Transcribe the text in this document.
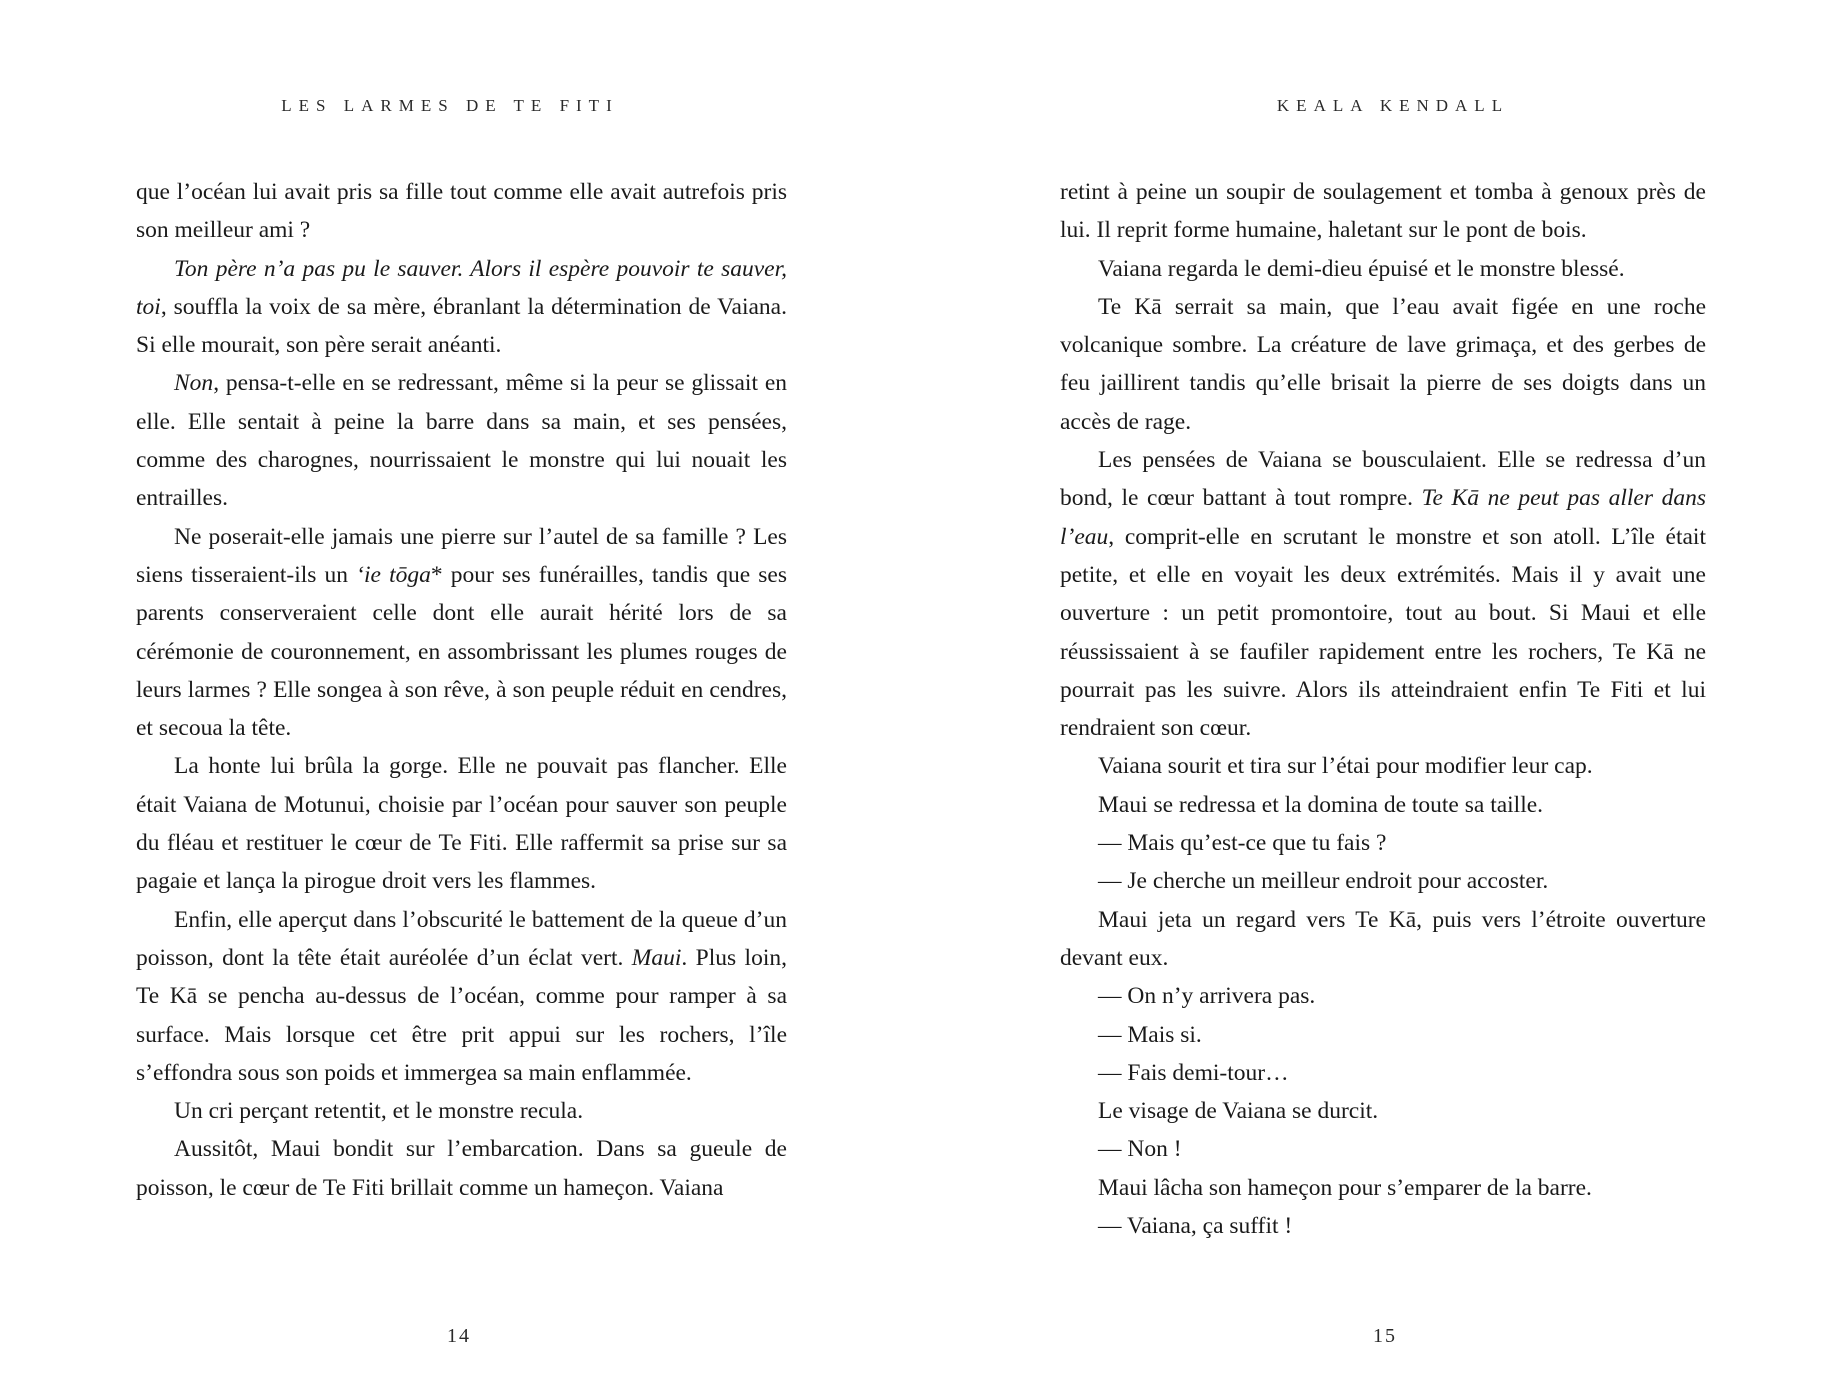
LES LARMES DE TE FITI

que l’océan lui avait pris sa fille tout comme elle avait autrefois pris son meilleur ami ?

Ton père n’a pas pu le sauver. Alors il espère pouvoir te sauver, toi, souffla la voix de sa mère, ébranlant la détermination de Vaiana. Si elle mourait, son père serait anéanti.

Non, pensa-t-elle en se redressant, même si la peur se glissait en elle. Elle sentait à peine la barre dans sa main, et ses pensées, comme des charognes, nourrissaient le monstre qui lui nouait les entrailles.

Ne poserait-elle jamais une pierre sur l’autel de sa famille ? Les siens tisseraient-ils un ‘ie tōga* pour ses funérailles, tandis que ses parents conserveraient celle dont elle aurait hérité lors de sa cérémonie de couronnement, en assombrissant les plumes rouges de leurs larmes ? Elle songea à son rêve, à son peuple réduit en cendres, et secoua la tête.

La honte lui brûla la gorge. Elle ne pouvait pas flancher. Elle était Vaiana de Motunui, choisie par l’océan pour sauver son peuple du fléau et restituer le cœur de Te Fiti. Elle raffermit sa prise sur sa pagaie et lança la pirogue droit vers les flammes.

Enfin, elle aperçut dans l’obscurité le battement de la queue d’un poisson, dont la tête était auréolée d’un éclat vert. Maui. Plus loin, Te Kā se pencha au-dessus de l’océan, comme pour ramper à sa surface. Mais lorsque cet être prit appui sur les rochers, l’île s’effondra sous son poids et immergea sa main enflammée.

Un cri perçant retentit, et le monstre recula.

Aussitôt, Maui bondit sur l’embarcation. Dans sa gueule de poisson, le cœur de Te Fiti brillait comme un hameçon. Vaiana

14
KEALA KENDALL

retint à peine un soupir de soulagement et tomba à genoux près de lui. Il reprit forme humaine, haletant sur le pont de bois.

Vaiana regarda le demi-dieu épuisé et le monstre blessé.

Te Kā serrait sa main, que l’eau avait figée en une roche volcanique sombre. La créature de lave grimaça, et des gerbes de feu jaillirent tandis qu’elle brisait la pierre de ses doigts dans un accès de rage.

Les pensées de Vaiana se bousculaient. Elle se redressa d’un bond, le cœur battant à tout rompre. Te Kā ne peut pas aller dans l’eau, comprit-elle en scrutant le monstre et son atoll. L’île était petite, et elle en voyait les deux extrémités. Mais il y avait une ouverture : un petit promontoire, tout au bout. Si Maui et elle réussissaient à se faufiler rapidement entre les rochers, Te Kā ne pourrait pas les suivre. Alors ils atteindraient enfin Te Fiti et lui rendraient son cœur.

Vaiana sourit et tira sur l’étai pour modifier leur cap.

Maui se redressa et la domina de toute sa taille.

— Mais qu’est-ce que tu fais ?

— Je cherche un meilleur endroit pour accoster.

Maui jeta un regard vers Te Kā, puis vers l’étroite ouverture devant eux.

— On n’y arrivera pas.

— Mais si.

— Fais demi-tour…

Le visage de Vaiana se durcit.

— Non !

Maui lâcha son hameçon pour s’emparer de la barre.

— Vaiana, ça suffit !

15
